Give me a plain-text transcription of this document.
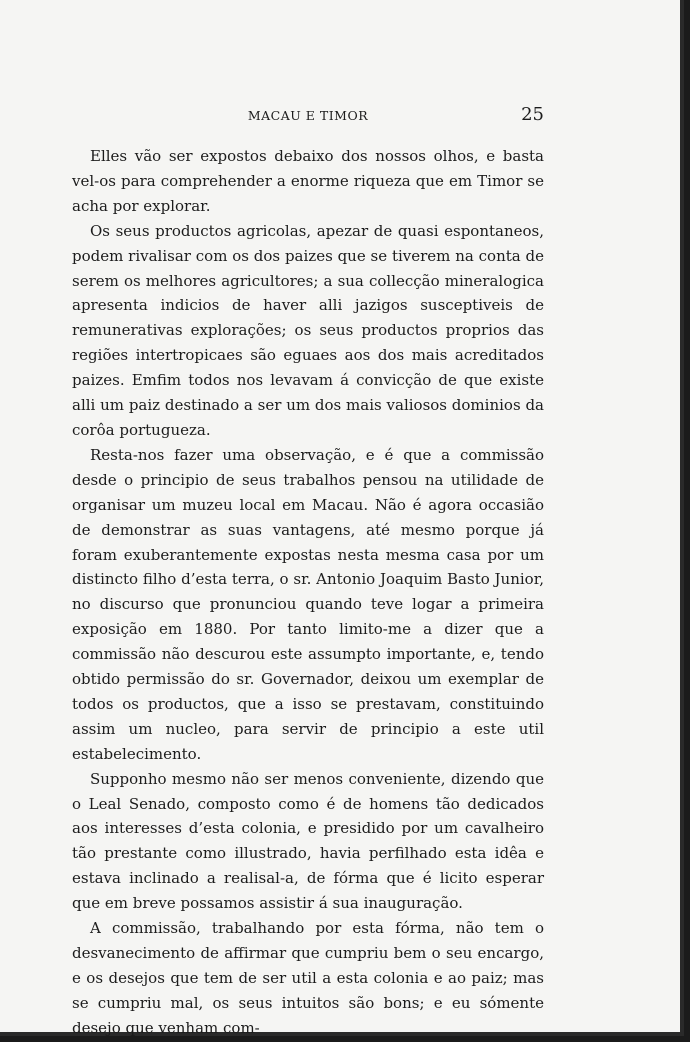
MACAU E TIMOR	25

Elles vão ser expostos debaixo dos nossos olhos, e basta vel-os para comprehender a enorme riqueza que em Timor se acha por explorar.

Os seus productos agricolas, apezar de quasi espontaneos, podem rivalisar com os dos paizes que se tiverem na conta de serem os melhores agricultores; a sua collecção mineralogica apresenta indicios de haver alli jazigos susceptiveis de remunerativas explorações; os seus productos proprios das regiões intertropicaes são eguaes aos dos mais acreditados paizes. Emfim todos nos levavam á convicção de que existe alli um paiz destinado a ser um dos mais valiosos dominios da corôa portugueza.

Resta-nos fazer uma observação, e é que a commissão desde o principio de seus trabalhos pensou na utilidade de organisar um muzeu local em Macau. Não é agora occasião de demonstrar as suas vantagens, até mesmo porque já foram exuberantemente expostas nesta mesma casa por um distincto filho d’esta terra, o sr. Antonio Joaquim Basto Junior, no discurso que pronunciou quando teve logar a primeira exposição em 1880. Por tanto limito-me a dizer que a commissão não descurou este assumpto importante, e, tendo obtido permissão do sr. Governador, deixou um exemplar de todos os productos, que a isso se prestavam, constituindo assim um nucleo, para servir de principio a este util estabelecimento.

Supponho mesmo não ser menos conveniente, dizendo que o Leal Senado, composto como é de homens tão dedicados aos interesses d’esta colonia, e presidido por um cavalheiro tão prestante como illustrado, havia perfilhado esta idêa e estava inclinado a realisal-a, de fórma que é licito esperar que em breve possamos assistir á sua inauguração.

A commissão, trabalhando por esta fórma, não tem o desvanecimento de affirmar que cumpriu bem o seu encargo, e os desejos que tem de ser util a esta colonia e ao paiz; mas se cumpriu mal, os seus intuitos são bons; e eu sómente desejo que venham com-
